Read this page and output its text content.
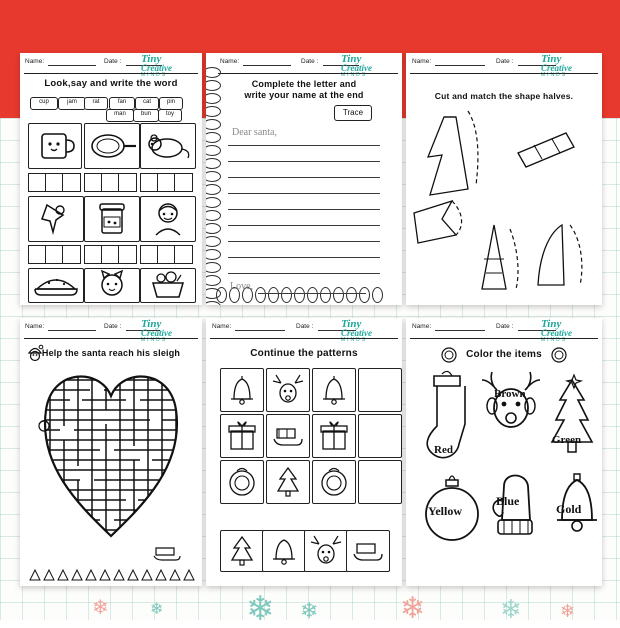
❄	❄
❄	❄
❄	❄	❄
Name:	Date : Tiny
Creative
MINDS
Look,say and write the word
cup	jam	rat
man	bun	toy
fan	cat	pin
Name:	Date : Tiny
Creative
MINDS
Complete the letter and
write your name at the end
Trace
Dear santa,
Love,
Name:	Date :	Tiny
Creative
MINDS
Cut and match the shape halves.
Name:	Date : Tiny
Creative
MINDS
Help the santa reach his sleigh
Name:	Date :	Tiny
Creative
MINDS
Continue the patterns
Name:	Date :	Tiny
Creative
MINDS
Color the items
Red
Brown
Green
Yellow
Blue
Gold
